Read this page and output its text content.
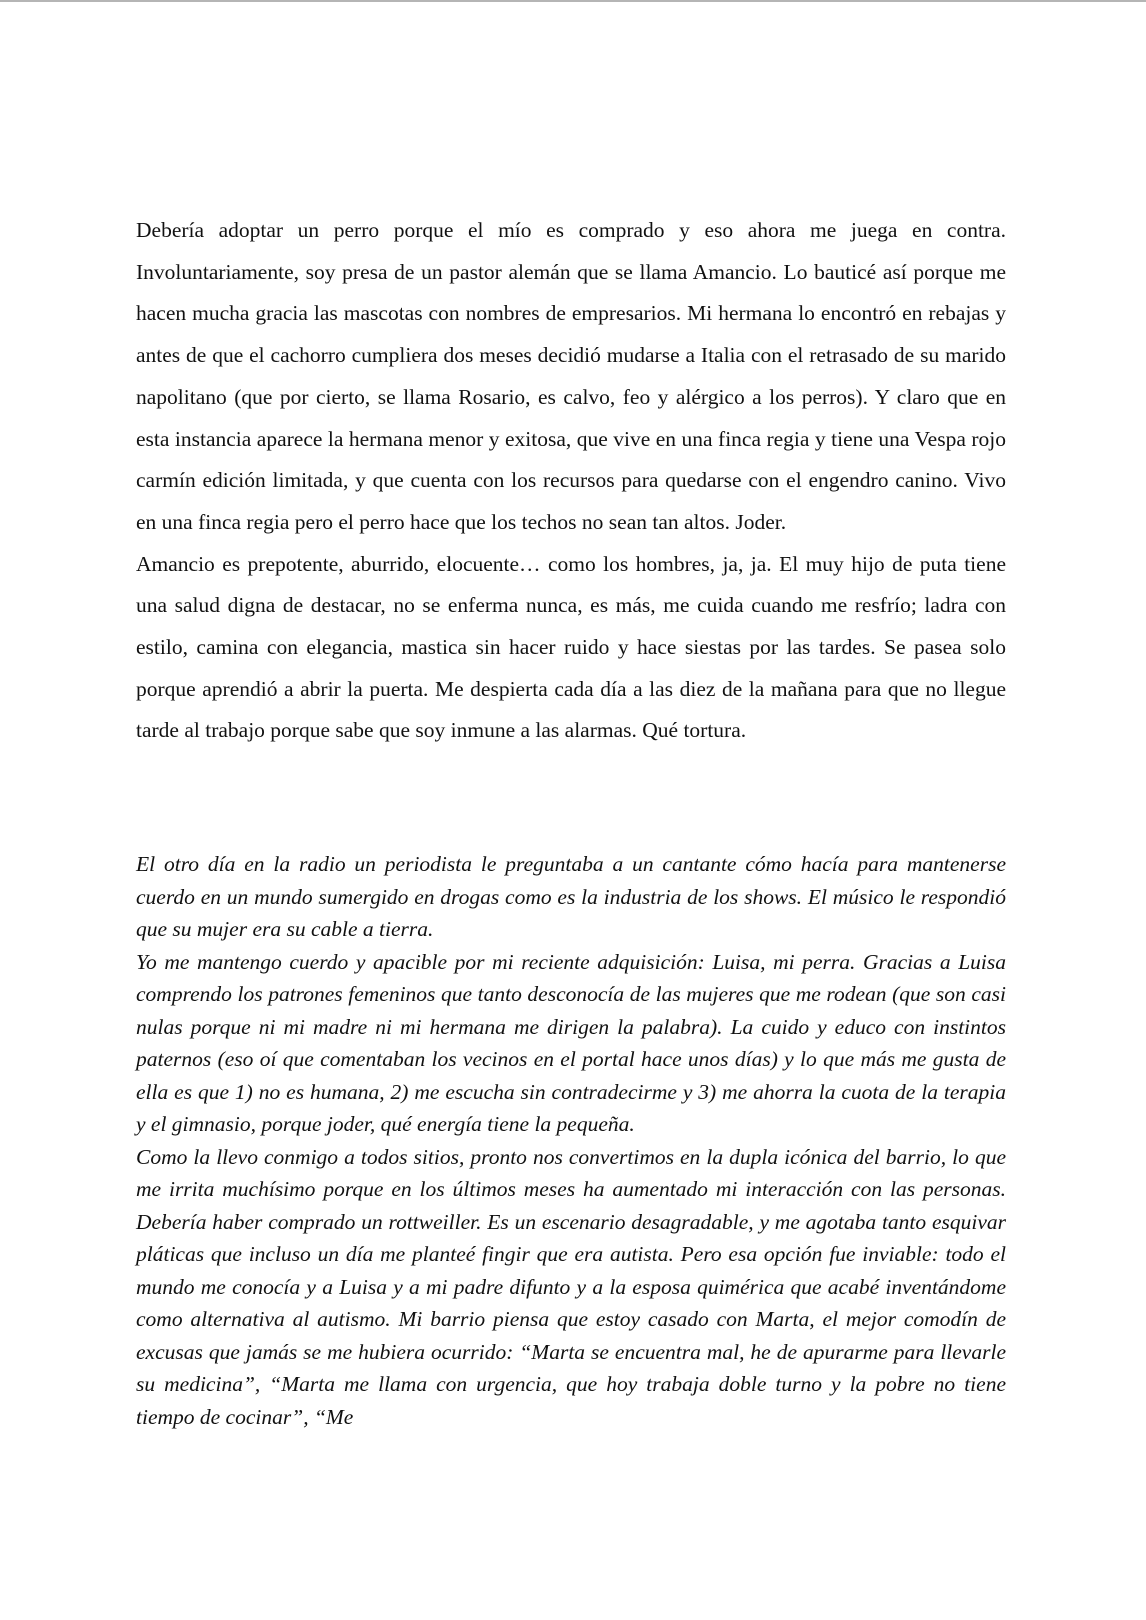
Debería adoptar un perro porque el mío es comprado y eso ahora me juega en contra. Involuntariamente, soy presa de un pastor alemán que se llama Amancio. Lo bauticé así porque me hacen mucha gracia las mascotas con nombres de empresarios. Mi hermana lo encontró en rebajas y antes de que el cachorro cumpliera dos meses decidió mudarse a Italia con el retrasado de su marido napolitano (que por cierto, se llama Rosario, es calvo, feo y alérgico a los perros). Y claro que en esta instancia aparece la hermana menor y exitosa, que vive en una finca regia y tiene una Vespa rojo carmín edición limitada, y que cuenta con los recursos para quedarse con el engendro canino. Vivo en una finca regia pero el perro hace que los techos no sean tan altos. Joder.

Amancio es prepotente, aburrido, elocuente… como los hombres, ja, ja. El muy hijo de puta tiene una salud digna de destacar, no se enferma nunca, es más, me cuida cuando me resfrío; ladra con estilo, camina con elegancia, mastica sin hacer ruido y hace siestas por las tardes. Se pasea solo porque aprendió a abrir la puerta. Me despierta cada día a las diez de la mañana para que no llegue tarde al trabajo porque sabe que soy inmune a las alarmas. Qué tortura.

El otro día en la radio un periodista le preguntaba a un cantante cómo hacía para mantenerse cuerdo en un mundo sumergido en drogas como es la industria de los shows. El músico le respondió que su mujer era su cable a tierra.

Yo me mantengo cuerdo y apacible por mi reciente adquisición: Luisa, mi perra. Gracias a Luisa comprendo los patrones femeninos que tanto desconocía de las mujeres que me rodean (que son casi nulas porque ni mi madre ni mi hermana me dirigen la palabra). La cuido y educo con instintos paternos (eso oí que comentaban los vecinos en el portal hace unos días) y lo que más me gusta de ella es que 1) no es humana, 2) me escucha sin contradecirme y 3) me ahorra la cuota de la terapia y el gimnasio, porque joder, qué energía tiene la pequeña.

Como la llevo conmigo a todos sitios, pronto nos convertimos en la dupla icónica del barrio, lo que me irrita muchísimo porque en los últimos meses ha aumentado mi interacción con las personas. Debería haber comprado un rottweiller. Es un escenario desagradable, y me agotaba tanto esquivar pláticas que incluso un día me planteé fingir que era autista. Pero esa opción fue inviable: todo el mundo me conocía y a Luisa y a mi padre difunto y a la esposa quimérica que acabé inventándome como alternativa al autismo. Mi barrio piensa que estoy casado con Marta, el mejor comodín de excusas que jamás se me hubiera ocurrido: “Marta se encuentra mal, he de apurarme para llevarle su medicina”, “Marta me llama con urgencia, que hoy trabaja doble turno y la pobre no tiene tiempo de cocinar”, “Me
